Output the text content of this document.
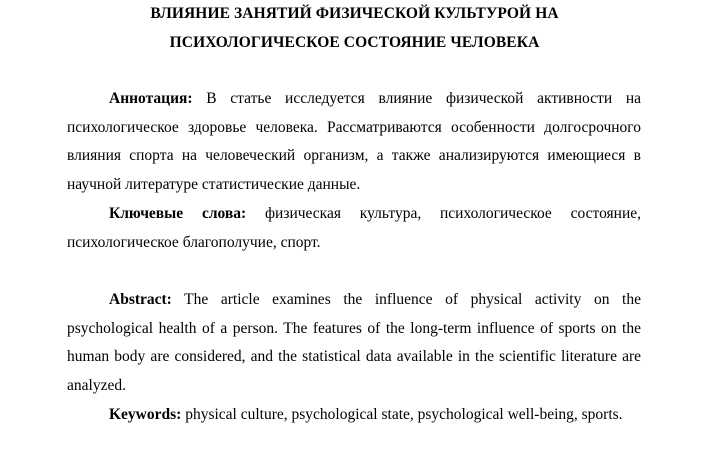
ВЛИЯНИЕ ЗАНЯТИЙ ФИЗИЧЕСКОЙ КУЛЬТУРОЙ НА
ПСИХОЛОГИЧЕСКОЕ СОСТОЯНИЕ ЧЕЛОВЕКА

Аннотация: В статье исследуется влияние физической активности на психологическое здоровье человека. Рассматриваются особенности долгосрочного влияния спорта на человеческий организм, а также анализируются имеющиеся в научной литературе статистические данные.

Ключевые слова: физическая культура, психологическое состояние, психологическое благополучие, спорт.

Abstract: The article examines the influence of physical activity on the psychological health of a person. The features of the long-term influence of sports on the human body are considered, and the statistical data available in the scientific literature are analyzed.

Keywords: physical culture, psychological state, psychological well-being, sports.
